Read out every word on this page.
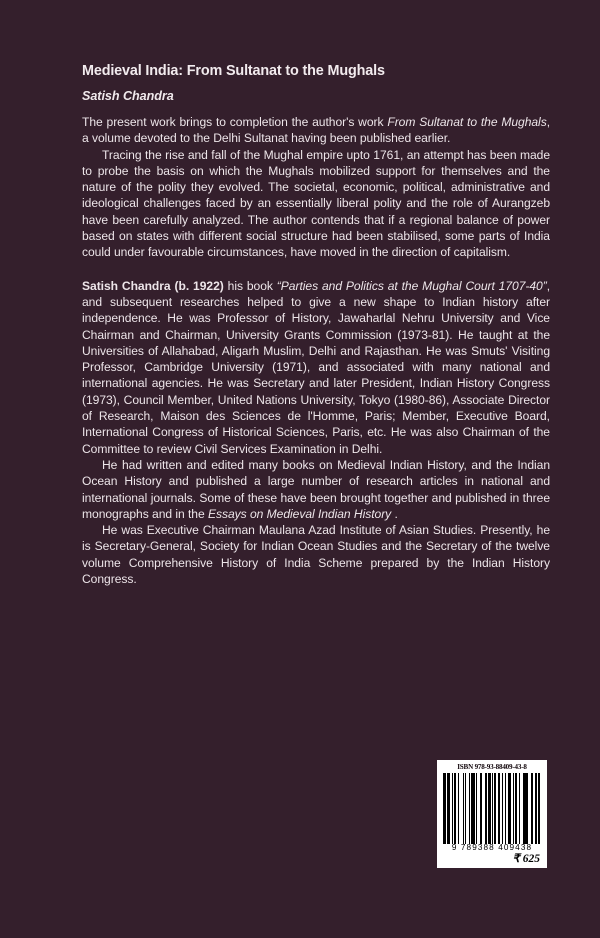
Medieval India: From Sultanat to the Mughals
Satish Chandra

The present work brings to completion the author's work From Sultanat to the Mughals, a volume devoted to the Delhi Sultanat having been published earlier.

Tracing the rise and fall of the Mughal empire upto 1761, an attempt has been made to probe the basis on which the Mughals mobilized support for themselves and the nature of the polity they evolved. The societal, economic, political, administrative and ideological challenges faced by an essentially liberal polity and the role of Aurangzeb have been carefully analyzed. The author contends that if a regional balance of power based on states with different social structure had been stabilised, some parts of India could under favourable circumstances, have moved in the direction of capitalism.

Satish Chandra (b. 1922) his book “Parties and Politics at the Mughal Court 1707-40”, and subsequent researches helped to give a new shape to Indian history after independence. He was Professor of History, Jawaharlal Nehru University and Vice Chairman and Chairman, University Grants Commission (1973-81). He taught at the Universities of Allahabad, Aligarh Muslim, Delhi and Rajasthan. He was Smuts' Visiting Professor, Cambridge University (1971), and associated with many national and international agencies. He was Secretary and later President, Indian History Congress (1973), Council Member, United Nations University, Tokyo (1980-86), Associate Director of Research, Maison des Sciences de l'Homme, Paris; Member, Executive Board, International Congress of Historical Sciences, Paris, etc. He was also Chairman of the Committee to review Civil Services Examination in Delhi.

He had written and edited many books on Medieval Indian History, and the Indian Ocean History and published a large number of research articles in national and international journals. Some of these have been brought together and published in three monographs and in the Essays on Medieval Indian History .

He was Executive Chairman Maulana Azad Institute of Asian Studies. Presently, he is Secretary-General, Society for Indian Ocean Studies and the Secretary of the twelve volume Comprehensive History of India Scheme prepared by the Indian History Congress.

ISBN 978-93-88409-43-8
9 789388 409438
₹ 625
